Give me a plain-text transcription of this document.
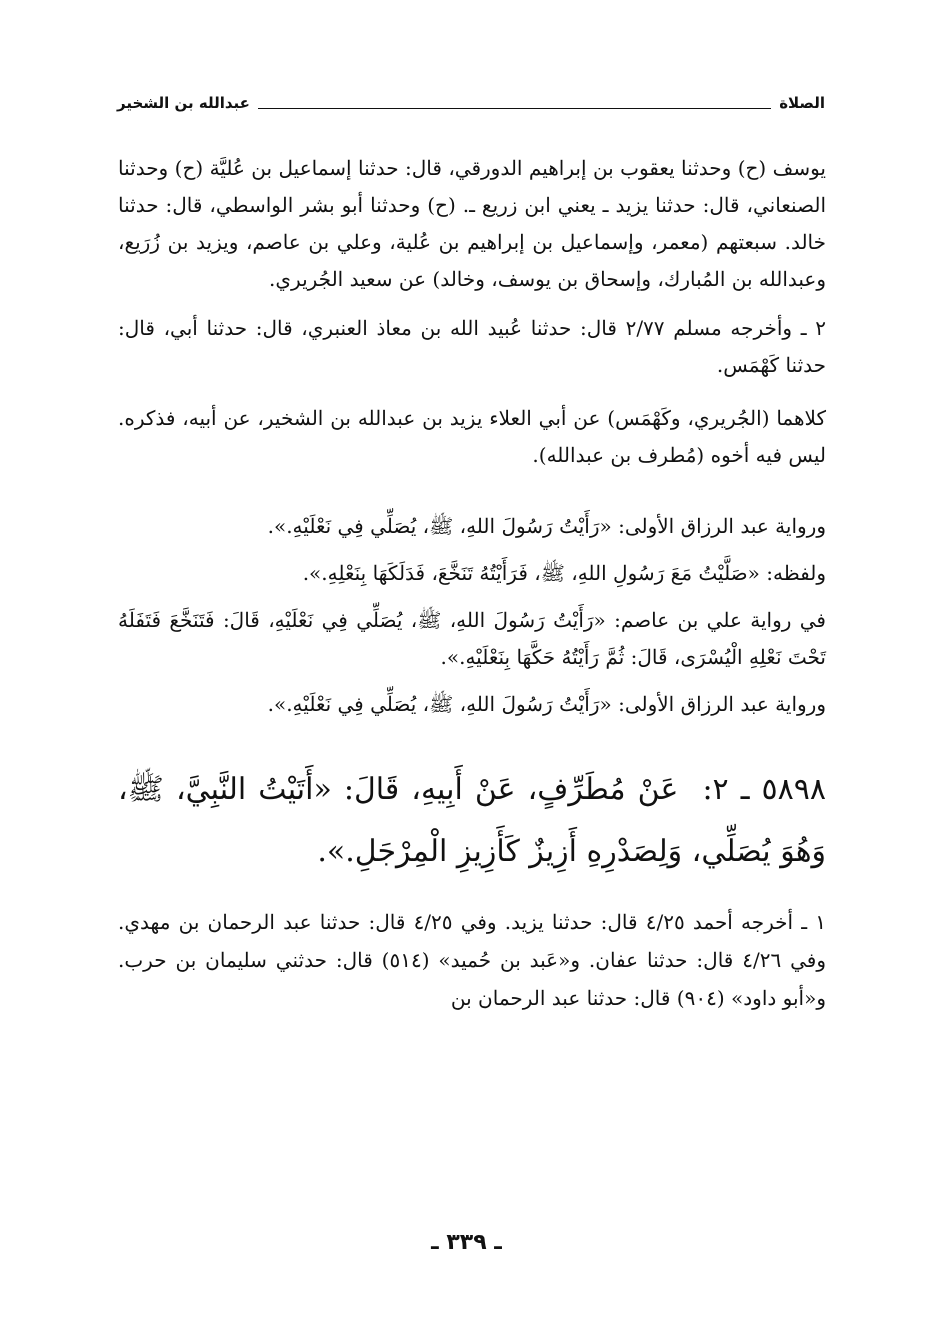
الصلاة
عبدالله بن الشخير

يوسف (ح) وحدثنا يعقوب بن إبراهيم الدورقي، قال: حدثنا إسماعيل بن عُليَّة (ح) وحدثنا الصنعاني، قال: حدثنا يزيد ـ يعني ابن زريع ـ. (ح) وحدثنا أبو بشر الواسطي، قال: حدثنا خالد. سبعتهم (معمر، وإسماعيل بن إبراهيم بن عُلية، وعلي بن عاصم، ويزيد بن زُرَيع، وعبدالله بن المُبارك، وإسحاق بن يوسف، وخالد) عن سعيد الجُريري.

٢ ـ وأخرجه مسلم ٢/٧٧ قال: حدثنا عُبيد الله بن معاذ العنبري، قال: حدثنا أبي، قال: حدثنا كَهْمَس.

كلاهما (الجُريري، وكَهْمَس) عن أبي العلاء يزيد بن عبدالله بن الشخير، عن أبيه، فذكره. ليس فيه أخوه (مُطرف بن عبدالله).

ورواية عبد الرزاق الأولى: «رَأَيْتُ رَسُولَ اللهِ، ﷺ، يُصَلِّي فِي نَعْلَيْهِ.».

ولفظه: «صَلَّيْتُ مَعَ رَسُولِ اللهِ، ﷺ، فَرَأَيْتُهُ تَنَخَّعَ، فَدَلَكَهَا بِنَعْلِهِ.».

في رواية علي بن عاصم: «رَأَيْتُ رَسُولَ اللهِ، ﷺ، يُصَلِّي فِي نَعْلَيْهِ، قَالَ: فَتَنَخَّعَ فَتَفَلَهُ تَحْتَ نَعْلِهِ الْيُسْرَى، قَالَ: ثُمَّ رَأَيْتُهُ حَكَّهَا بِنَعْلَيْهِ.».

ورواية عبد الرزاق الأولى: «رَأَيْتُ رَسُولَ اللهِ، ﷺ، يُصَلِّي فِي نَعْلَيْهِ.».

٥٨٩٨ ـ ٢: عَنْ مُطَرِّفٍ، عَنْ أَبِيهِ، قَالَ: «أَتَيْتُ النَّبِيَّ، ﷺ، وَهُوَ يُصَلِّي، وَلِصَدْرِهِ أَزِيزٌ كَأَزِيزِ الْمِرْجَلِ.».

١ ـ أخرجه أحمد ٤/٢٥ قال: حدثنا يزيد. وفي ٤/٢٥ قال: حدثنا عبد الرحمان بن مهدي. وفي ٤/٢٦ قال: حدثنا عفان. و«عَبد بن حُميد» (٥١٤) قال: حدثني سليمان بن حرب. و«أبو داود» (٩٠٤) قال: حدثنا عبد الرحمان بن

ـ ٣٣٩ ـ
